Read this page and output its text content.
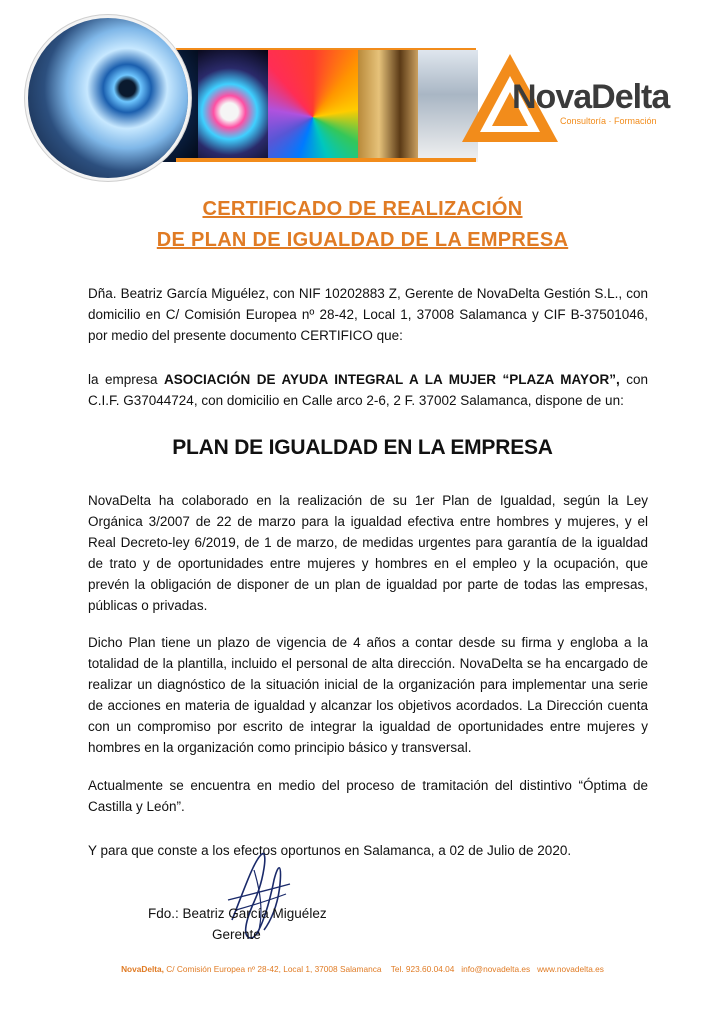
NovaDelta
Consultoría · Formación
CERTIFICADO DE REALIZACIÓN
DE PLAN DE IGUALDAD DE LA EMPRESA
Dña. Beatriz García Miguélez, con NIF 10202883 Z, Gerente de NovaDelta Gestión S.L., con domicilio en C/ Comisión Europea nº 28-42, Local 1, 37008 Salamanca y CIF B-37501046, por medio del presente documento CERTIFICO que:
la empresa ASOCIACIÓN DE AYUDA INTEGRAL A LA MUJER “PLAZA MAYOR”, con C.I.F. G37044724, con domicilio en Calle arco 2-6, 2 F. 37002 Salamanca, dispone de un:
PLAN DE IGUALDAD EN LA EMPRESA
NovaDelta ha colaborado en la realización de su 1er Plan de Igualdad, según la Ley Orgánica 3/2007 de 22 de marzo para la igualdad efectiva entre hombres y mujeres, y el Real Decreto-ley 6/2019, de 1 de marzo, de medidas urgentes para garantía de la igualdad de trato y de oportunidades entre mujeres y hombres en el empleo y la ocupación, que prevén la obligación de disponer de un plan de igualdad por parte de todas las empresas, públicas o privadas.
Dicho Plan tiene un plazo de vigencia de 4 años a contar desde su firma y engloba a la totalidad de la plantilla, incluido el personal de alta dirección. NovaDelta se ha encargado de realizar un diagnóstico de la situación inicial de la organización para implementar una serie de acciones en materia de igualdad y alcanzar los objetivos acordados. La Dirección cuenta con un compromiso por escrito de integrar la igualdad de oportunidades entre mujeres y hombres en la organización como principio básico y transversal.
Actualmente se encuentra en medio del proceso de tramitación del distintivo “Óptima de Castilla y León”.
Y para que conste a los efectos oportunos en Salamanca, a 02 de Julio de 2020.
Fdo.: Beatriz García Miguélez
Gerente
NovaDelta, C/ Comisión Europea nº 28-42, Local 1, 37008 Salamanca Tel. 923.60.04.04 info@novadelta.es www.novadelta.es
